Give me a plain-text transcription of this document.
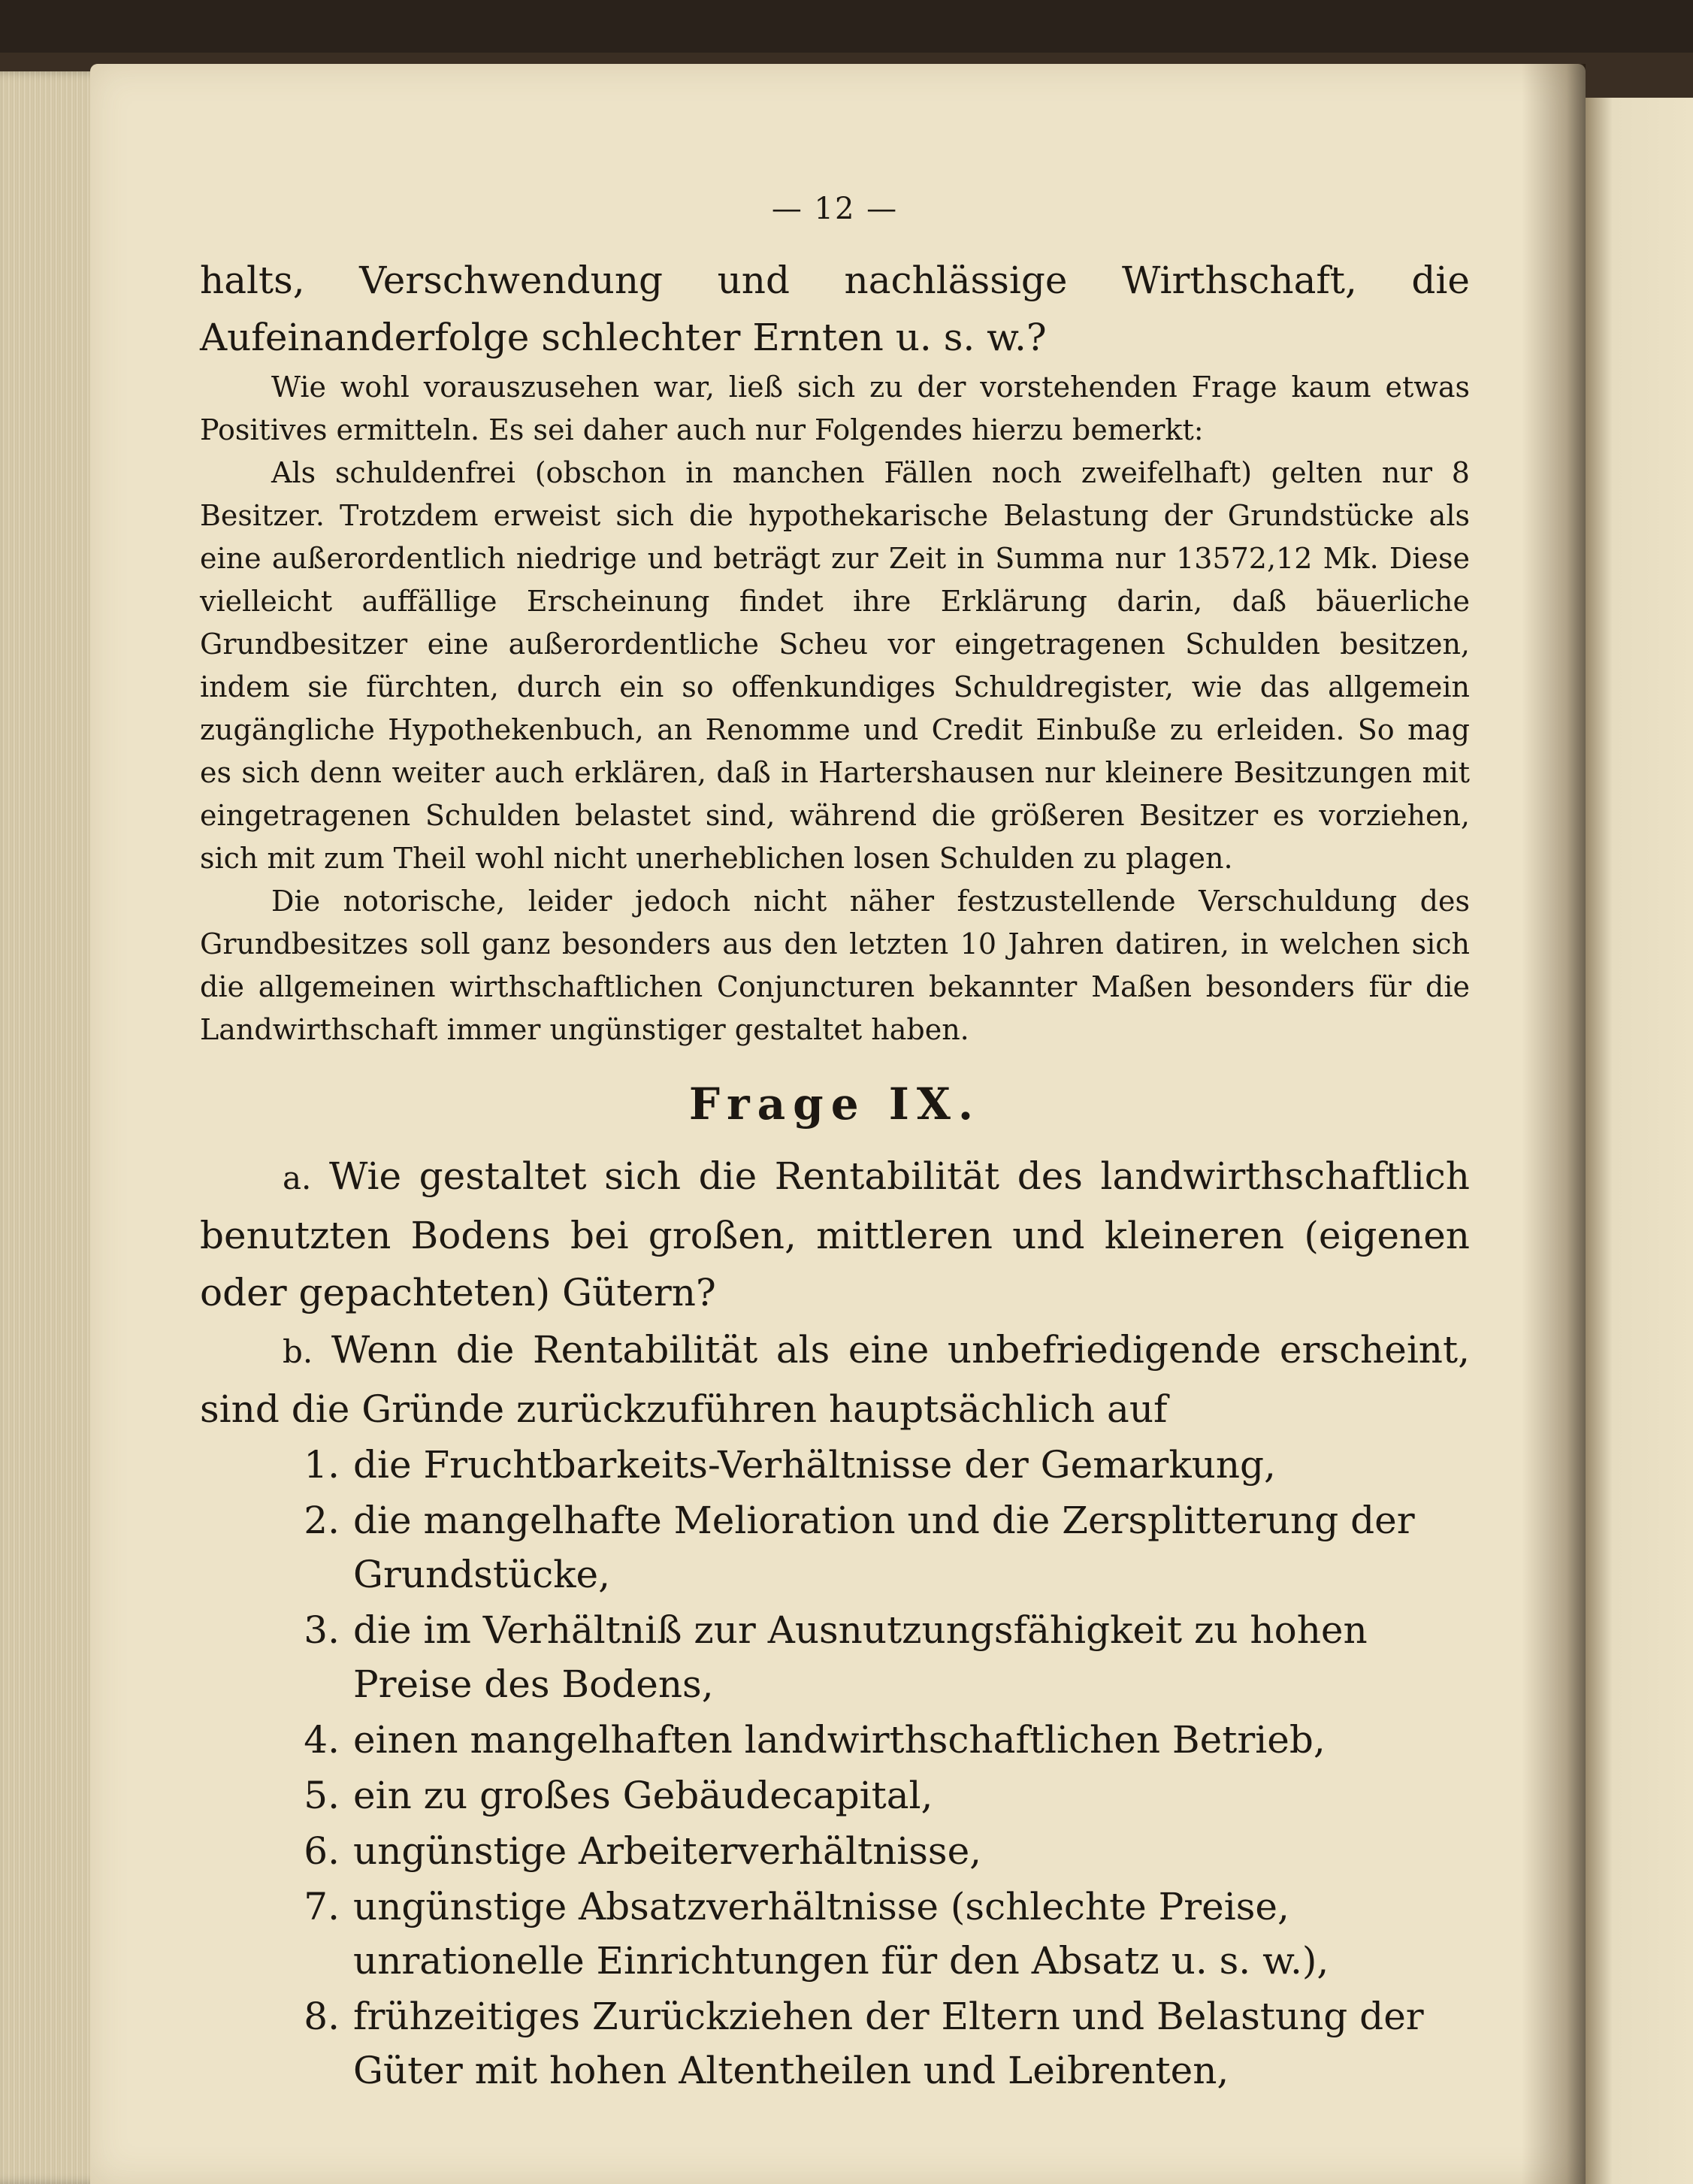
— 12 —

halts, Verschwendung und nachlässige Wirthschaft, die Aufeinanderfolge schlechter Ernten u. s. w.?

Wie wohl vorauszusehen war, ließ sich zu der vorstehenden Frage kaum etwas Positives ermitteln. Es sei daher auch nur Folgendes hierzu bemerkt:

Als schuldenfrei (obschon in manchen Fällen noch zweifelhaft) gelten nur 8 Besitzer. Trotzdem erweist sich die hypothekarische Belastung der Grundstücke als eine außerordentlich niedrige und beträgt zur Zeit in Summa nur 13572,12 Mk. Diese vielleicht auffällige Erscheinung findet ihre Erklärung darin, daß bäuerliche Grundbesitzer eine außerordentliche Scheu vor eingetragenen Schulden besitzen, indem sie fürchten, durch ein so offenkundiges Schuldregister, wie das allgemein zugängliche Hypothekenbuch, an Renomme und Credit Einbuße zu erleiden. So mag es sich denn weiter auch erklären, daß in Hartershausen nur kleinere Besitzungen mit eingetragenen Schulden belastet sind, während die größeren Besitzer es vorziehen, sich mit zum Theil wohl nicht unerheblichen losen Schulden zu plagen.

Die notorische, leider jedoch nicht näher festzustellende Verschuldung des Grundbesitzes soll ganz besonders aus den letzten 10 Jahren datiren, in welchen sich die allgemeinen wirthschaftlichen Conjuncturen bekannter Maßen besonders für die Landwirthschaft immer ungünstiger gestaltet haben.

Frage IX.

a. Wie gestaltet sich die Rentabilität des landwirthschaftlich benutzten Bodens bei großen, mittleren und kleineren (eigenen oder gepachteten) Gütern?

b. Wenn die Rentabilität als eine unbefriedigende erscheint, sind die Gründe zurückzuführen hauptsächlich auf

1. die Fruchtbarkeits-Verhältnisse der Gemarkung,
2. die mangelhafte Melioration und die Zersplitterung der Grundstücke,
3. die im Verhältniß zur Ausnutzungsfähigkeit zu hohen Preise des Bodens,
4. einen mangelhaften landwirthschaftlichen Betrieb,
5. ein zu großes Gebäudecapital,
6. ungünstige Arbeiterverhältnisse,
7. ungünstige Absatzverhältnisse (schlechte Preise, unrationelle Einrichtungen für den Absatz u. s. w.),
8. frühzeitiges Zurückziehen der Eltern und Belastung der Güter mit hohen Altentheilen und Leibrenten,
